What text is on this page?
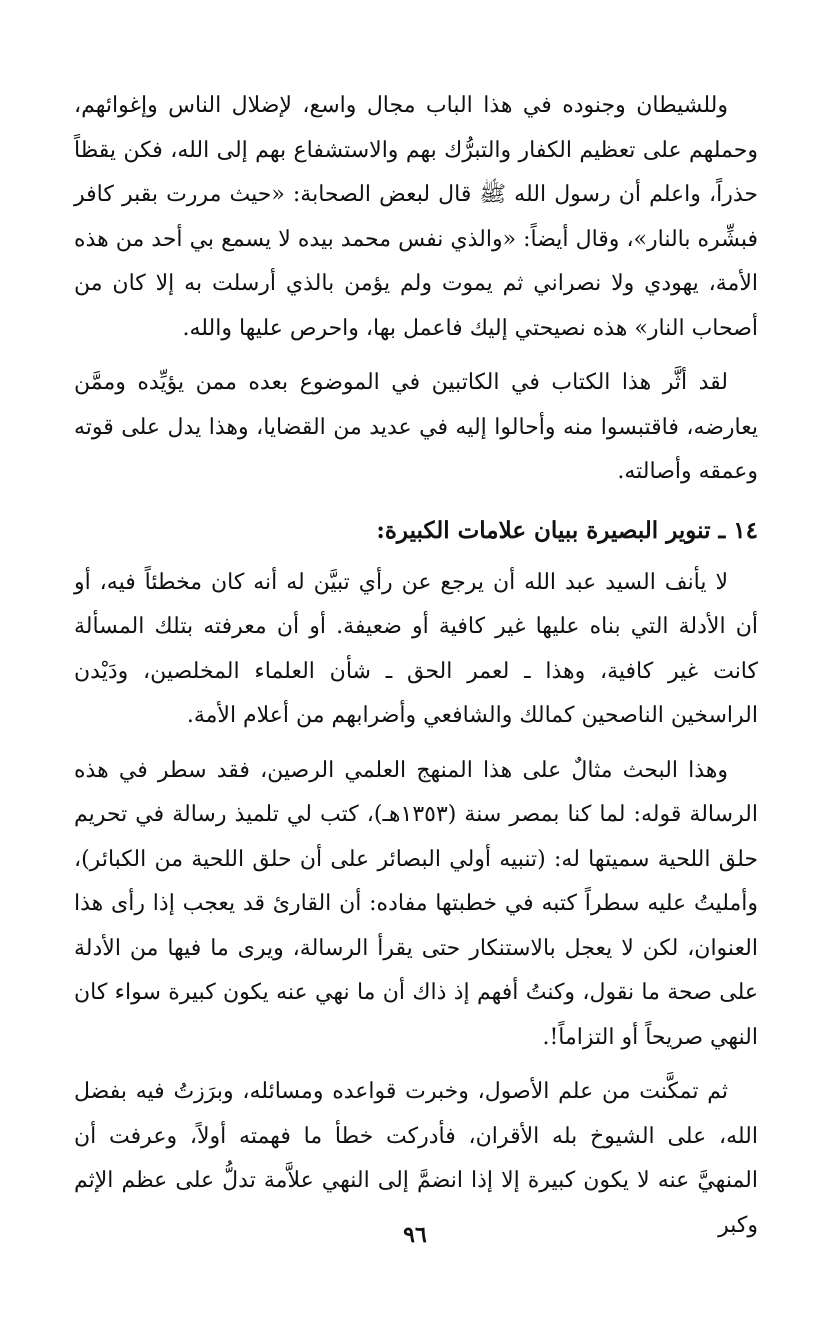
وللشيطان وجنوده في هذا الباب مجال واسع، لإضلال الناس وإغوائهم، وحملهم على تعظيم الكفار والتبرُّك بهم والاستشفاع بهم إلى الله، فكن يقظاً حذراً، واعلم أن رسول الله ﷺ قال لبعض الصحابة: «حيث مررت بقبر كافر فبشِّره بالنار»، وقال أيضاً: «والذي نفس محمد بيده لا يسمع بي أحد من هذه الأمة، يهودي ولا نصراني ثم يموت ولم يؤمن بالذي أرسلت به إلا كان من أصحاب النار» هذه نصيحتي إليك فاعمل بها، واحرص عليها والله.

لقد أثَّر هذا الكتاب في الكاتبين في الموضوع بعده ممن يؤيِّده وممَّن يعارضه، فاقتبسوا منه وأحالوا إليه في عديد من القضايا، وهذا يدل على قوته وعمقه وأصالته.

١٤ ـ تنوير البصيرة ببيان علامات الكبيرة:

لا يأنف السيد عبد الله أن يرجع عن رأي تبيَّن له أنه كان مخطئاً فيه، أو أن الأدلة التي بناه عليها غير كافية أو ضعيفة. أو أن معرفته بتلك المسألة كانت غير كافية، وهذا ـ لعمر الحق ـ شأن العلماء المخلصين، ودَيْدن الراسخين الناصحين كمالك والشافعي وأضرابهم من أعلام الأمة.

وهذا البحث مثالٌ على هذا المنهج العلمي الرصين، فقد سطر في هذه الرسالة قوله: لما كنا بمصر سنة (١٣٥٣هـ)، كتب لي تلميذ رسالة في تحريم حلق اللحية سميتها له: (تنبيه أولي البصائر على أن حلق اللحية من الكبائر)، وأمليتُ عليه سطراً كتبه في خطبتها مفاده: أن القارئ قد يعجب إذا رأى هذا العنوان، لكن لا يعجل بالاستنكار حتى يقرأ الرسالة، ويرى ما فيها من الأدلة على صحة ما نقول، وكنتُ أفهم إذ ذاك أن ما نهي عنه يكون كبيرة سواء كان النهي صريحاً أو التزاماً!.

ثم تمكَّنت من علم الأصول، وخبرت قواعده ومسائله، وبرَزتُ فيه بفضل الله، على الشيوخ بله الأقران، فأدركت خطأ ما فهمته أولاً، وعرفت أن المنهيَّ عنه لا يكون كبيرة إلا إذا انضمَّ إلى النهي علاَّمة تدلُّ على عظم الإثم وكبر

٩٦
